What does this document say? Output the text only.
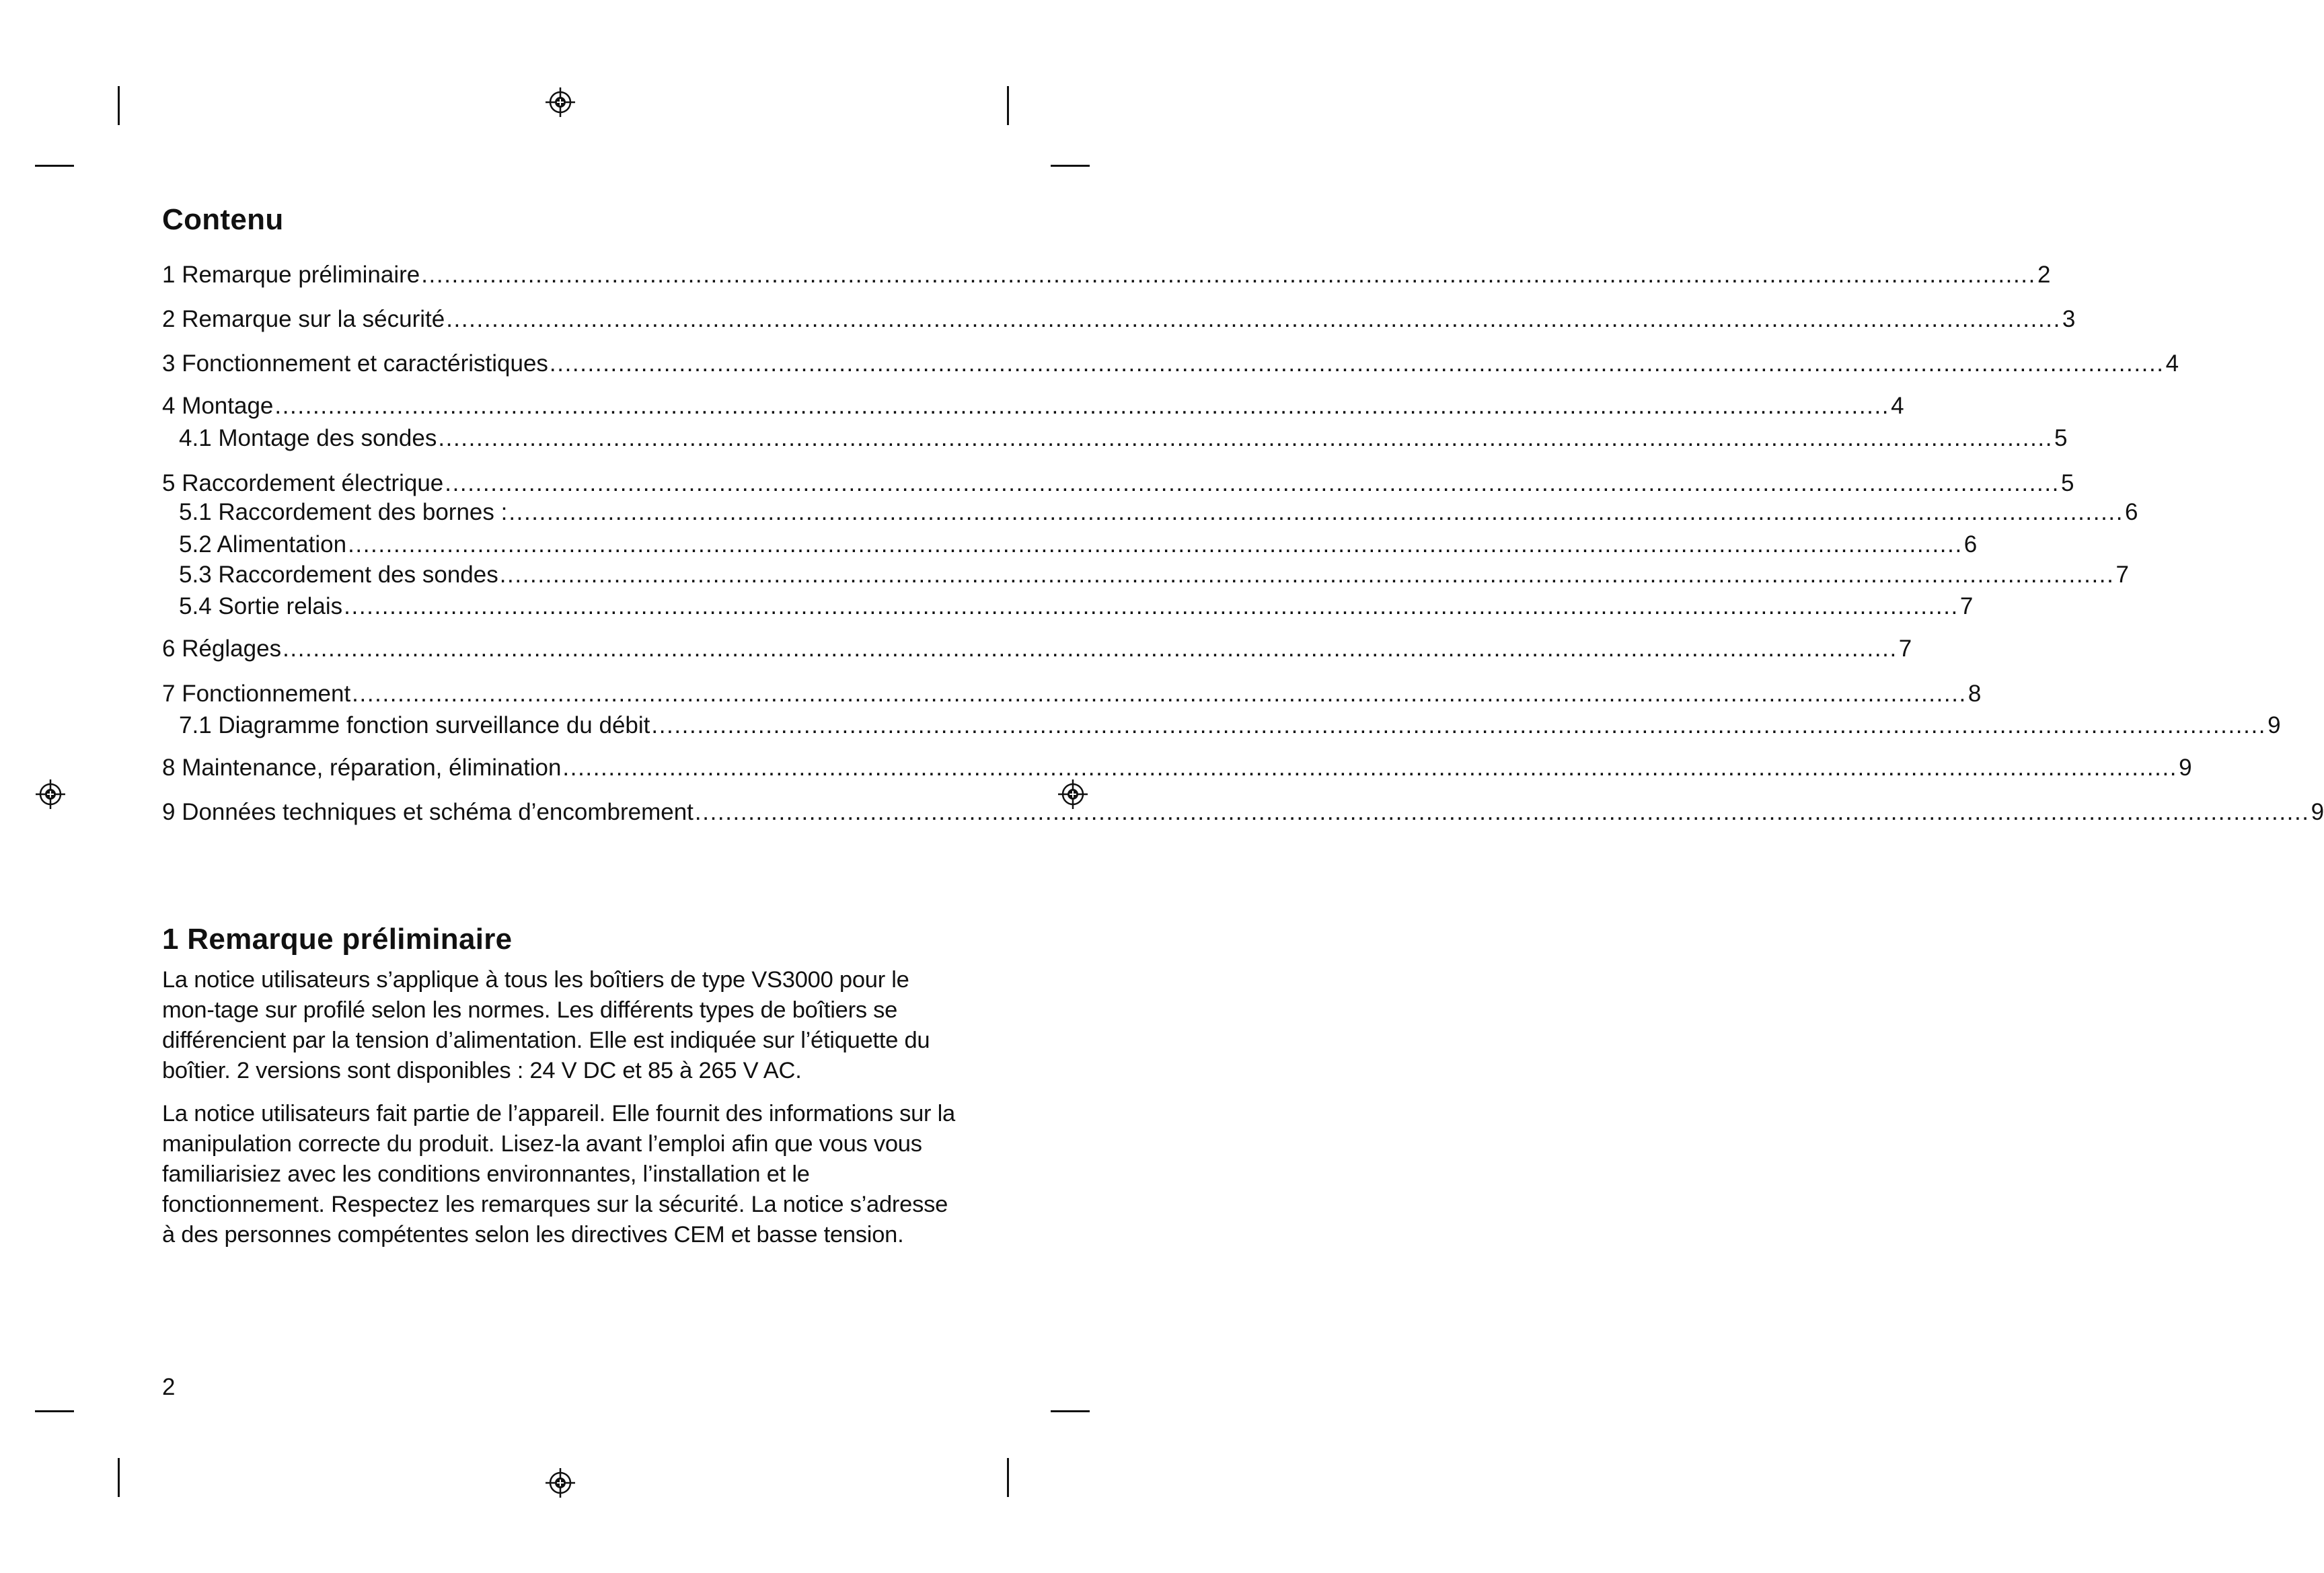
Contenu
1 Remarque préliminaire .................................................................................................................................................................................................................... 2
2 Remarque sur la sécurité .................................................................................................................................................................................................................... 3
3 Fonctionnement et caractéristiques .................................................................................................................................................................................................................... 4
4 Montage .................................................................................................................................................................................................................... 4
4.1 Montage des sondes .................................................................................................................................................................................................................... 5
5 Raccordement électrique .................................................................................................................................................................................................................... 5
5.1 Raccordement des bornes : .................................................................................................................................................................................................................... 6
5.2 Alimentation .................................................................................................................................................................................................................... 6
5.3 Raccordement des sondes .................................................................................................................................................................................................................... 7
5.4 Sortie relais .................................................................................................................................................................................................................... 7
6 Réglages .................................................................................................................................................................................................................... 7
7 Fonctionnement .................................................................................................................................................................................................................... 8
7.1 Diagramme fonction surveillance du débit .................................................................................................................................................................................................................... 9
8 Maintenance, réparation, élimination .................................................................................................................................................................................................................... 9
9 Données techniques et schéma d’encombrement .................................................................................................................................................................................................................... 9
1 Remarque préliminaire

La notice utilisateurs s’applique à tous les boîtiers de type VS3000 pour le mon-tage sur profilé selon les normes. Les différents types de boîtiers se différencient par la tension d’alimentation. Elle est indiquée sur l’étiquette du boîtier. 2 versions sont disponibles : 24 V DC et 85 à 265 V AC.

La notice utilisateurs fait partie de l’appareil. Elle fournit des informations sur la manipulation correcte du produit. Lisez-la avant l’emploi afin que vous vous familiarisiez avec les conditions environnantes, l’installation et le fonctionnement. Respectez les remarques sur la sécurité. La notice s’adresse à des personnes compétentes selon les directives CEM et basse tension.

2
